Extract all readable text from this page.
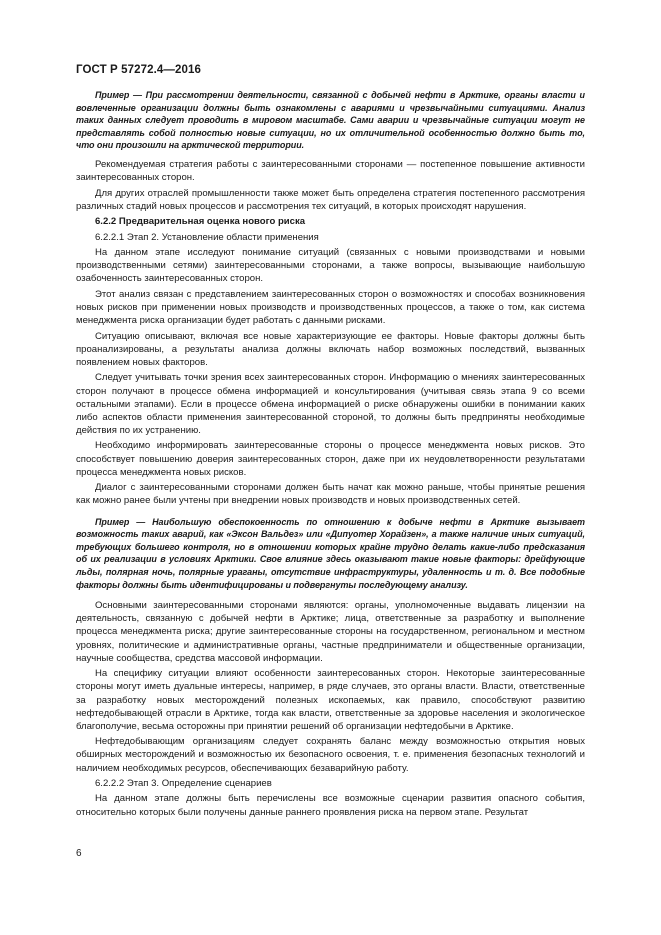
ГОСТ Р 57272.4—2016

Пример — При рассмотрении деятельности, связанной с добычей нефти в Арктике, органы власти и вовлеченные организации должны быть ознакомлены с авариями и чрезвычайными ситуациями. Анализ таких данных следует проводить в мировом масштабе. Сами аварии и чрезвычайные ситуации могут не представлять собой полностью новые ситуации, но их отличительной особенностью должно быть то, что они произошли на арктической территории.

Рекомендуемая стратегия работы с заинтересованными сторонами — постепенное повышение активности заинтересованных сторон.

Для других отраслей промышленности также может быть определена стратегия постепенного рассмотрения различных стадий новых процессов и рассмотрения тех ситуаций, в которых происходят нарушения.

6.2.2 Предварительная оценка нового риска

6.2.2.1 Этап 2. Установление области применения

На данном этапе исследуют понимание ситуаций (связанных с новыми производствами и новыми производственными сетями) заинтересованными сторонами, а также вопросы, вызывающие наибольшую озабоченность заинтересованных сторон.

Этот анализ связан с представлением заинтересованных сторон о возможностях и способах возникновения новых рисков при применении новых производств и производственных процессов, а также о том, как система менеджмента риска организации будет работать с данными рисками.

Ситуацию описывают, включая все новые характеризующие ее факторы. Новые факторы должны быть проанализированы, а результаты анализа должны включать набор возможных последствий, вызванных появлением новых факторов.

Следует учитывать точки зрения всех заинтересованных сторон. Информацию о мнениях заинтересованных сторон получают в процессе обмена информацией и консультирования (учитывая связь этапа 9 со всеми остальными этапами). Если в процессе обмена информацией о риске обнаружены ошибки в понимании каких либо аспектов области применения заинтересованной стороной, то должны быть предприняты необходимые действия по их устранению.

Необходимо информировать заинтересованные стороны о процессе менеджмента новых рисков. Это способствует повышению доверия заинтересованных сторон, даже при их неудовлетворенности результатами процесса менеджмента новых рисков.

Диалог с заинтересованными сторонами должен быть начат как можно раньше, чтобы принятые решения как можно ранее были учтены при внедрении новых производств и новых производственных сетей.

Пример — Наибольшую обеспокоенность по отношению к добыче нефти в Арктике вызывает возможность таких аварий, как «Эксон Вальдез» или «Дипуотер Хорайзен», а также наличие иных ситуаций, требующих большего контроля, но в отношении которых крайне трудно делать какие-либо предсказания об их реализации в условиях Арктики. Свое влияние здесь оказывают такие новые факторы: дрейфующие льды, полярная ночь, полярные ураганы, отсутствие инфраструктуры, удаленность и т. д. Все подобные факторы должны быть идентифицированы и подвергнуты последующему анализу.

Основными заинтересованными сторонами являются: органы, уполномоченные выдавать лицензии на деятельность, связанную с добычей нефти в Арктике; лица, ответственные за разработку и выполнение процесса менеджмента риска; другие заинтересованные стороны на государственном, региональном и местном уровнях, политические и административные органы, частные предприниматели и общественные организации, научные сообщества, средства массовой информации.

На специфику ситуации влияют особенности заинтересованных сторон. Некоторые заинтересованные стороны могут иметь дуальные интересы, например, в ряде случаев, это органы власти. Власти, ответственные за разработку новых месторождений полезных ископаемых, как правило, способствуют развитию нефтедобывающей отрасли в Арктике, тогда как власти, ответственные за здоровье населения и экологическое благополучие, весьма осторожны при принятии решений об организации нефтедобычи в Арктике.

Нефтедобывающим организациям следует сохранять баланс между возможностью открытия новых обширных месторождений и возможностью их безопасного освоения, т. е. применения безопасных технологий и наличием необходимых ресурсов, обеспечивающих безаварийную работу.

6.2.2.2 Этап 3. Определение сценариев

На данном этапе должны быть перечислены все возможные сценарии развития опасного события, относительно которых были получены данные раннего проявления риска на первом этапе. Результат

6
